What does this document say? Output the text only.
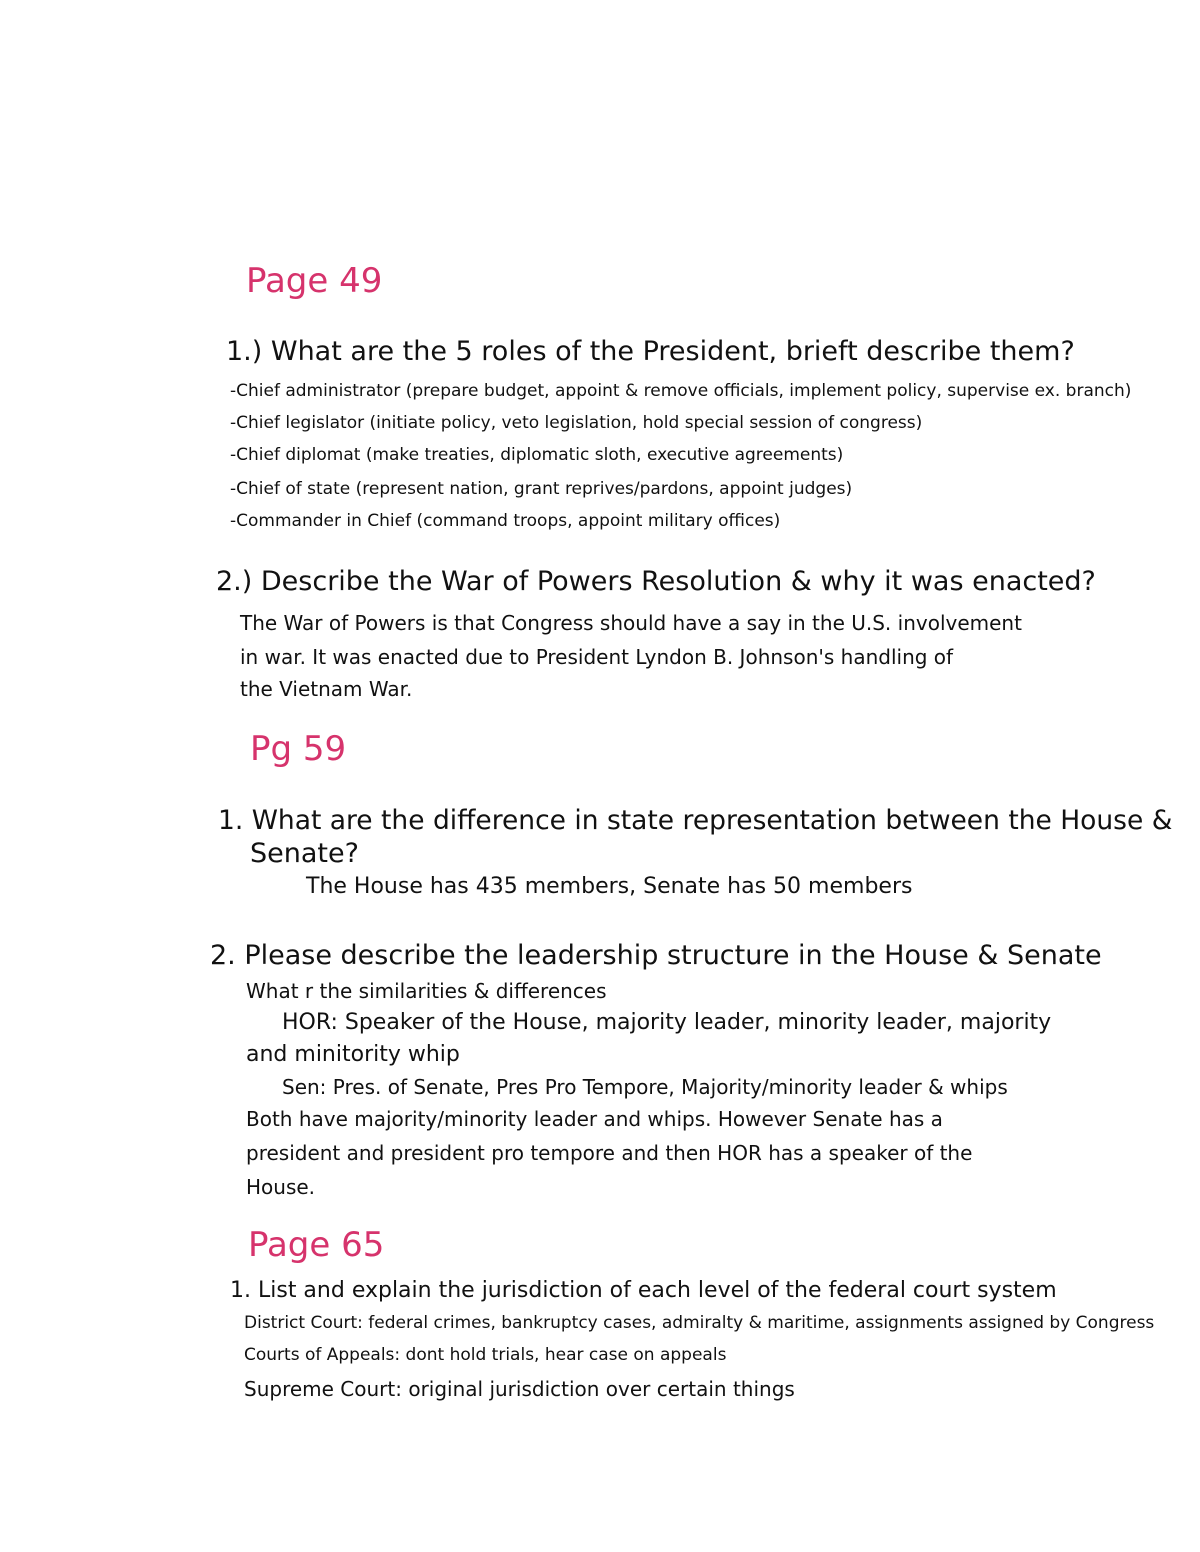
Page 49
1.) What are the 5 roles of the President, brieft describe them?
-Chief administrator (prepare budget, appoint & remove officials, implement policy, supervise ex. branch)
-Chief legislator (initiate policy, veto legislation, hold special session of congress)
-Chief diplomat (make treaties, diplomatic sloth, executive agreements)
-Chief of state (represent nation, grant reprives/pardons, appoint judges)
-Commander in Chief (command troops, appoint military offices)
2.) Describe the War of Powers Resolution & why it was enacted?
The War of Powers is that Congress should have a say in the U.S. involvement
in war. It was enacted due to President Lyndon B. Johnson's handling of
the Vietnam War.
Pg 59
1. What are the difference in state representation between the House &
Senate?
The House has 435 members, Senate has 50 members
2. Please describe the leadership structure in the House & Senate
What r the similarities & differences
HOR: Speaker of the House, majority leader, minority leader, majority
and minitority whip
Sen: Pres. of Senate, Pres Pro Tempore, Majority/minority leader & whips
Both have majority/minority leader and whips. However Senate has a
president and president pro tempore and then HOR has a speaker of the
House.
Page 65
1. List and explain the jurisdiction of each level of the federal court system
District Court: federal crimes, bankruptcy cases, admiralty & maritime, assignments assigned by Congress
Courts of Appeals: dont hold trials, hear case on appeals
Supreme Court: original jurisdiction over certain things
